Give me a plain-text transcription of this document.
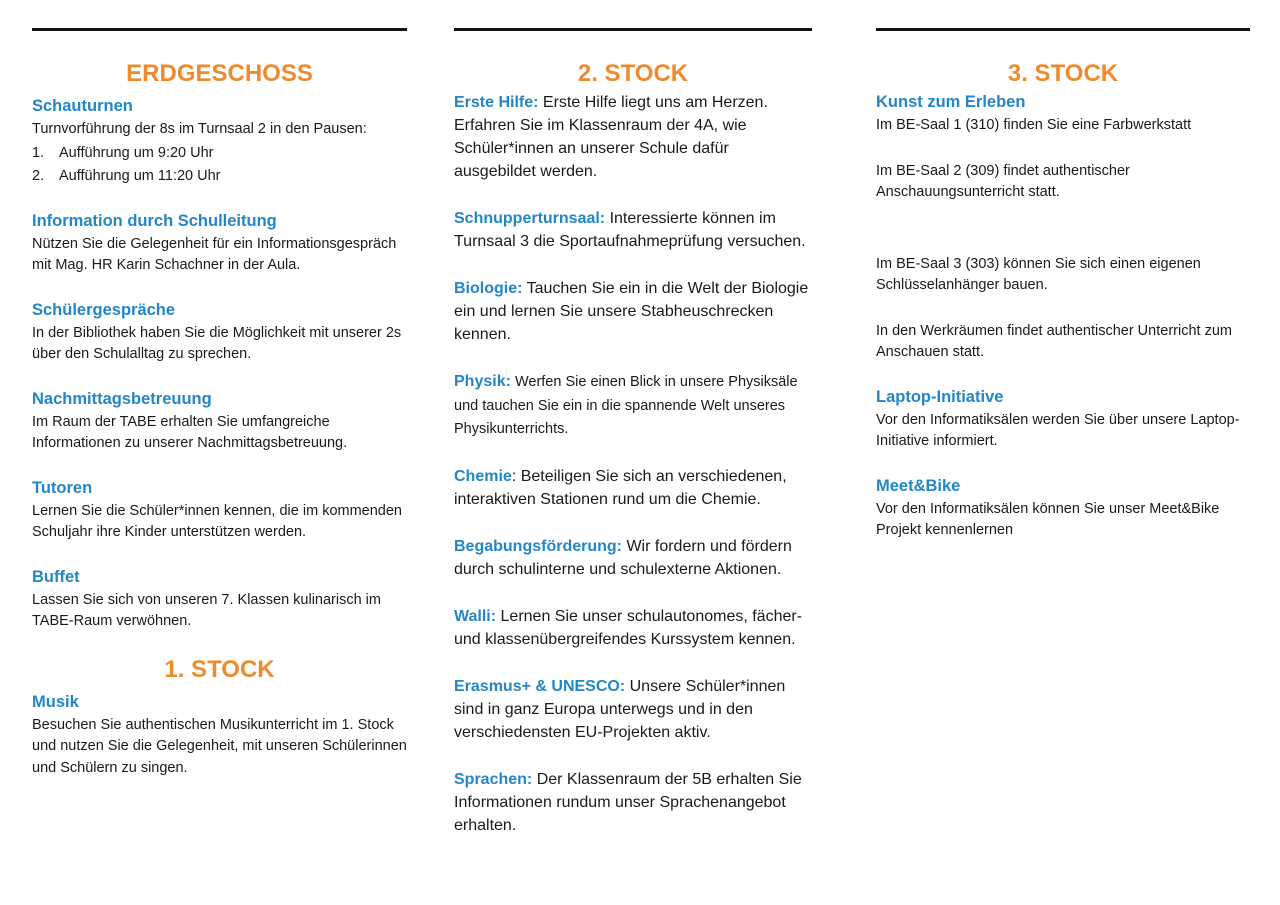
ERDGESCHOSS
Schauturnen

Turnvorführung der 8s im Turnsaal 2 in den Pausen:

1. Aufführung um 9:20 Uhr
2. Aufführung um 11:20 Uhr
Information durch Schulleitung

Nützen Sie die Gelegenheit für ein Informationsgespräch mit Mag. HR Karin Schachner in der Aula.

Schülergespräche

In der Bibliothek haben Sie die Möglichkeit mit unserer 2s über den Schulalltag zu sprechen.

Nachmittagsbetreuung

Im Raum der TABE erhalten Sie umfangreiche Informationen zu unserer Nachmittagsbetreuung.

Tutoren

Lernen Sie die Schüler*innen kennen, die im kommenden Schuljahr ihre Kinder unterstützen werden.

Buffet

Lassen Sie sich von unseren 7. Klassen kulinarisch im TABE-Raum verwöhnen.

1. STOCK
Musik

Besuchen Sie authentischen Musikunterricht im 1. Stock und nutzen Sie die Gelegenheit, mit unseren Schülerinnen und Schülern zu singen.

2. STOCK
Erste Hilfe: Erste Hilfe liegt uns am Herzen. Erfahren Sie im Klassenraum der 4A, wie Schüler*innen an unserer Schule dafür ausgebildet werden.
Schnupperturnsaal: Interessierte können im Turnsaal 3 die Sportaufnahmeprüfung versuchen.
Biologie: Tauchen Sie ein in die Welt der Biologie ein und lernen Sie unsere Stabheuschrecken kennen.
Physik: Werfen Sie einen Blick in unsere Physiksäle und tauchen Sie ein in die spannende Welt unseres Physikunterrichts.
Chemie: Beteiligen Sie sich an verschiedenen, interaktiven Stationen rund um die Chemie.
Begabungsförderung: Wir fordern und fördern durch schulinterne und schulexterne Aktionen.
Walli: Lernen Sie unser schulautonomes, fächer- und klassenübergreifendes Kurssystem kennen.
Erasmus+ & UNESCO: Unsere Schüler*innen sind in ganz Europa unterwegs und in den verschiedensten EU-Projekten aktiv.
Sprachen: Der Klassenraum der 5B erhalten Sie Informationen rundum unser Sprachenangebot erhalten.
3. STOCK
Kunst zum Erleben

Im BE-Saal 1 (310) finden Sie eine Farbwerkstatt

Im BE-Saal 2 (309) findet authentischer Anschauungsunterricht statt.

Im BE-Saal 3 (303) können Sie sich einen eigenen Schlüsselanhänger bauen.

In den Werkräumen findet authentischer Unterricht zum Anschauen statt.

Laptop-Initiative

Vor den Informatiksälen werden Sie über unsere Laptop-Initiative informiert.

Meet&Bike

Vor den Informatiksälen können Sie unser Meet&Bike Projekt kennenlernen
